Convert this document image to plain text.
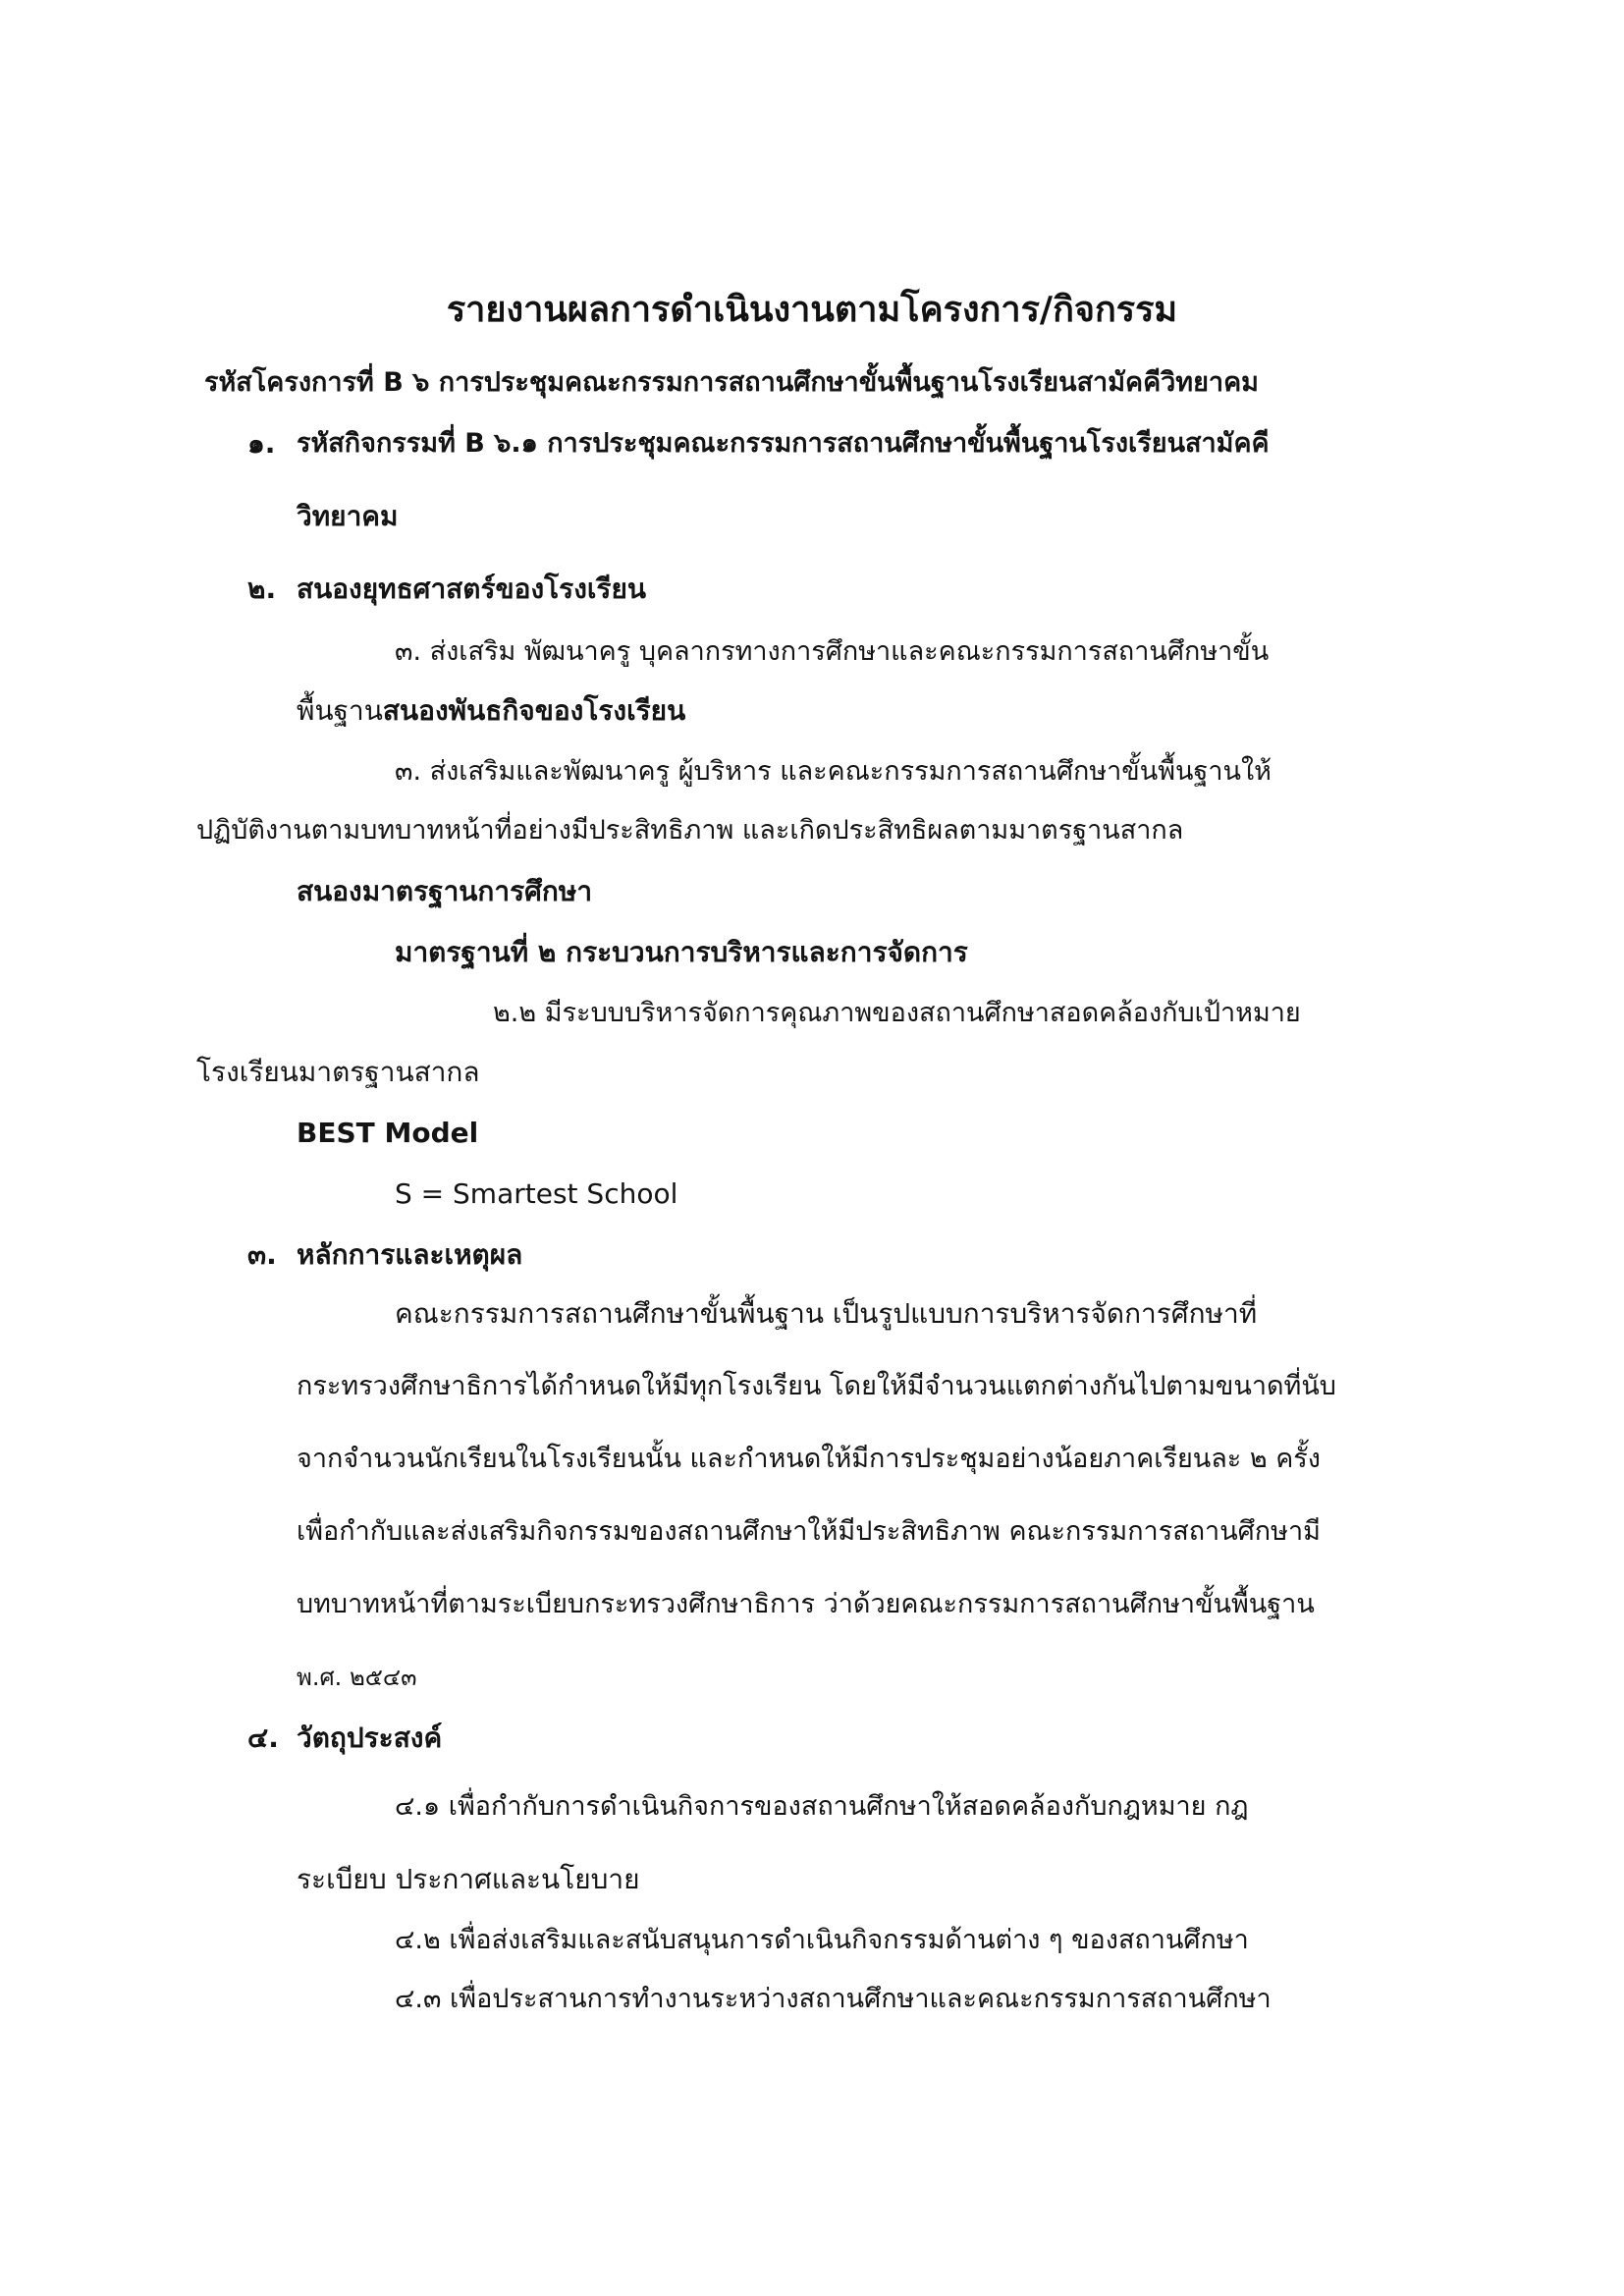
รายงานผลการดำเนินงานตามโครงการ/กิจกรรม
รหัสโครงการที่ B ๖ การประชุมคณะกรรมการสถานศึกษาขั้นพื้นฐานโรงเรียนสามัคคีวิทยาคม
๑. รหัสกิจกรรมที่ B ๖.๑ การประชุมคณะกรรมการสถานศึกษาขั้นพื้นฐานโรงเรียนสามัคคี
วิทยาคม
๒. สนองยุทธศาสตร์ของโรงเรียน
๓. ส่งเสริม พัฒนาครู บุคลากรทางการศึกษาและคณะกรรมการสถานศึกษาขั้น
พื้นฐานสนองพันธกิจของโรงเรียน
๓. ส่งเสริมและพัฒนาครู ผู้บริหาร และคณะกรรมการสถานศึกษาขั้นพื้นฐานให้
ปฏิบัติงานตามบทบาทหน้าที่อย่างมีประสิทธิภาพ และเกิดประสิทธิผลตามมาตรฐานสากล
สนองมาตรฐานการศึกษา
มาตรฐานที่ ๒ กระบวนการบริหารและการจัดการ
๒.๒ มีระบบบริหารจัดการคุณภาพของสถานศึกษาสอดคล้องกับเป้าหมาย
โรงเรียนมาตรฐานสากล
BEST Model
S = Smartest School
๓. หลักการและเหตุผล
คณะกรรมการสถานศึกษาขั้นพื้นฐาน เป็นรูปแบบการบริหารจัดการศึกษาที่
กระทรวงศึกษาธิการได้กำหนดให้มีทุกโรงเรียน โดยให้มีจำนวนแตกต่างกันไปตามขนาดที่นับ
จากจำนวนนักเรียนในโรงเรียนนั้น และกำหนดให้มีการประชุมอย่างน้อยภาคเรียนละ ๒ ครั้ง
เพื่อกำกับและส่งเสริมกิจกรรมของสถานศึกษาให้มีประสิทธิภาพ คณะกรรมการสถานศึกษามี
บทบาทหน้าที่ตามระเบียบกระทรวงศึกษาธิการ ว่าด้วยคณะกรรมการสถานศึกษาขั้นพื้นฐาน
พ.ศ. ๒๕๔๓
๔. วัตถุประสงค์
๔.๑ เพื่อกำกับการดำเนินกิจการของสถานศึกษาให้สอดคล้องกับกฎหมาย กฎ
ระเบียบ ประกาศและนโยบาย
๔.๒ เพื่อส่งเสริมและสนับสนุนการดำเนินกิจกรรมด้านต่าง ๆ ของสถานศึกษา
๔.๓ เพื่อประสานการทำงานระหว่างสถานศึกษาและคณะกรรมการสถานศึกษา
